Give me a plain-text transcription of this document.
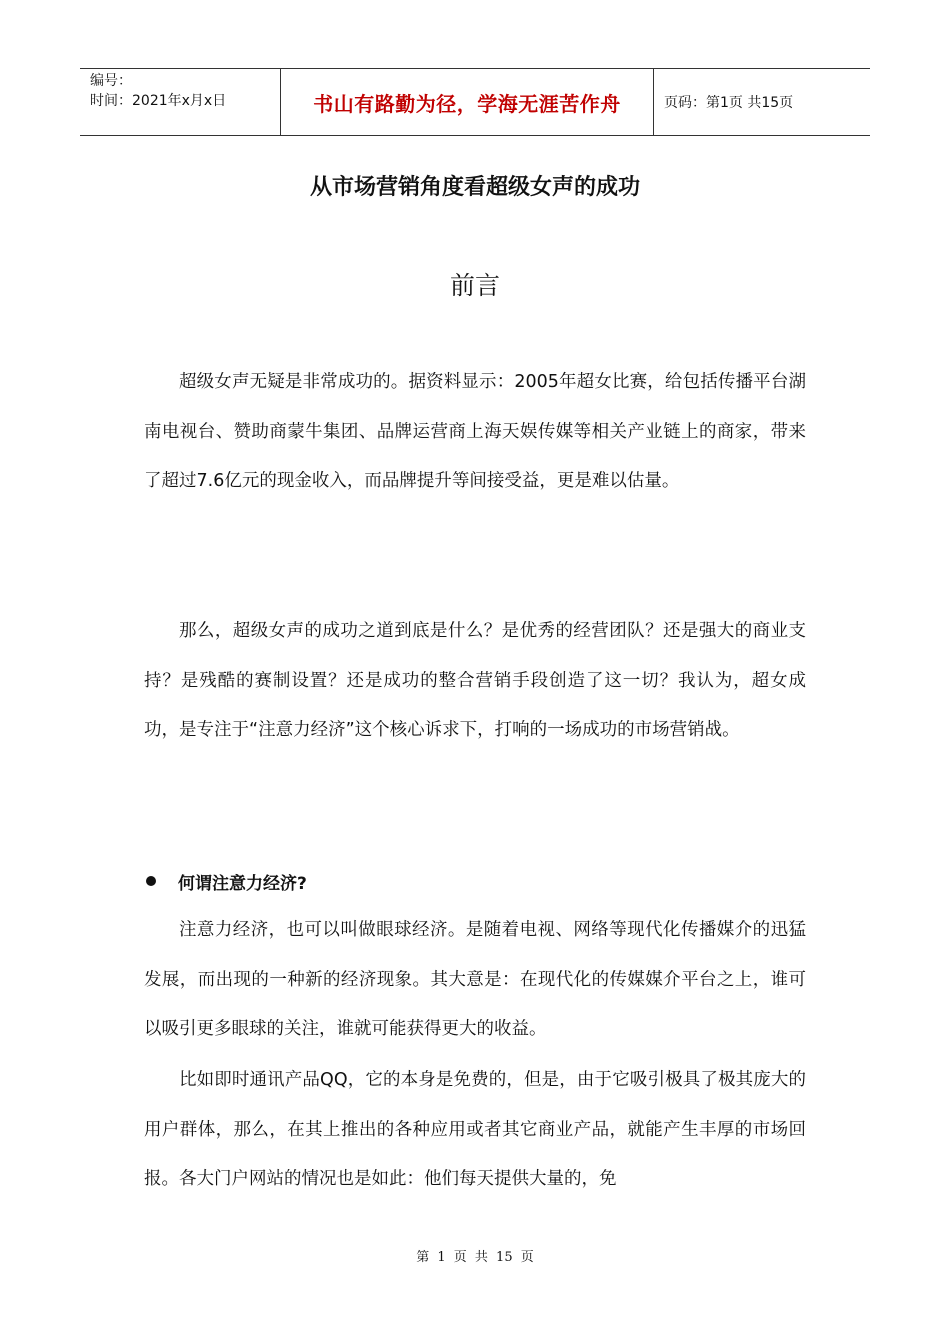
编号：
时间：2021年x月x日	书山有路勤为径，学海无涯苦作舟	页码：第1页 共15页
从市场营销角度看超级女声的成功
前言

超级女声无疑是非常成功的。据资料显示：2005年超女比赛，给包括传播平台湖南电视台、赞助商蒙牛集团、品牌运营商上海天娱传媒等相关产业链上的商家，带来了超过7.6亿元的现金收入，而品牌提升等间接受益，更是难以估量。

那么，超级女声的成功之道到底是什么？是优秀的经营团队？还是强大的商业支持？是残酷的赛制设置？还是成功的整合营销手段创造了这一切？我认为，超女成功，是专注于“注意力经济”这个核心诉求下，打响的一场成功的市场营销战。

何谓注意力经济?

注意力经济，也可以叫做眼球经济。是随着电视、网络等现代化传播媒介的迅猛发展，而出现的一种新的经济现象。其大意是：在现代化的传媒媒介平台之上，谁可以吸引更多眼球的关注，谁就可能获得更大的收益。

比如即时通讯产品QQ，它的本身是免费的，但是，由于它吸引极具了极其庞大的用户群体，那么，在其上推出的各种应用或者其它商业产品，就能产生丰厚的市场回报。各大门户网站的情况也是如此：他们每天提供大量的，免

第 1 页 共 15 页
